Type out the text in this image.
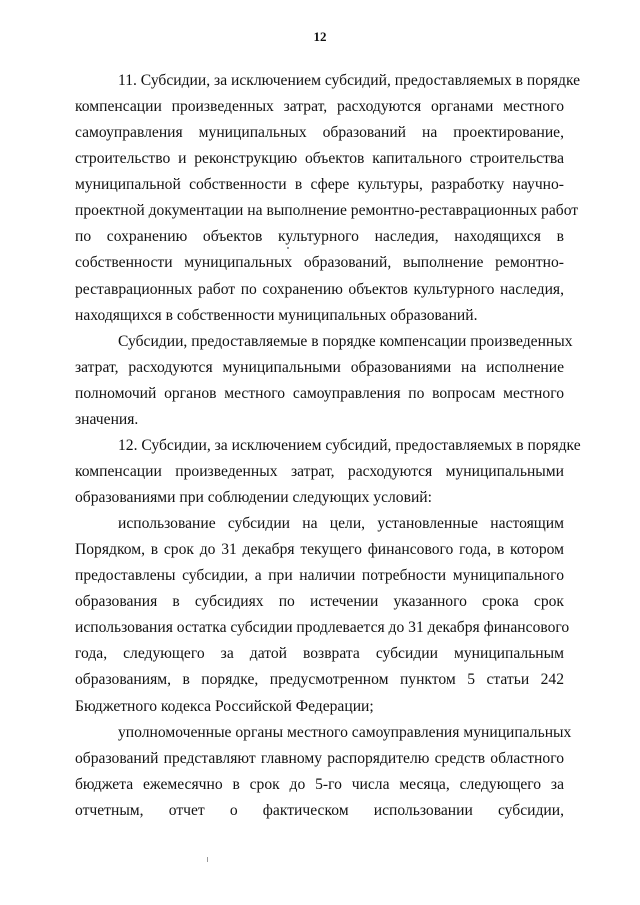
12
11. Субсидии, за исключением субсидий, предоставляемых в порядке
компенсации произведенных затрат, расходуются органами местного
самоуправления муниципальных образований на проектирование,
строительство и реконструкцию объектов капитального строительства
муниципальной собственности в сфере культуры, разработку научно-
проектной документации на выполнение ремонтно-реставрационных работ
по сохранению объектов культурного наследия, находящихся в
собственности муниципальных образований, выполнение ремонтно-
реставрационных работ по сохранению объектов культурного наследия,
находящихся в собственности муниципальных образований.
Субсидии, предоставляемые в порядке компенсации произведенных
затрат, расходуются муниципальными образованиями на исполнение
полномочий органов местного самоуправления по вопросам местного
значения.
12. Субсидии, за исключением субсидий, предоставляемых в порядке
компенсации произведенных затрат, расходуются муниципальными
образованиями при соблюдении следующих условий:
использование субсидии на цели, установленные настоящим
Порядком, в срок до 31 декабря текущего финансового года, в котором
предоставлены субсидии, а при наличии потребности муниципального
образования в субсидиях по истечении указанного срока срок
использования остатка субсидии продлевается до 31 декабря финансового
года, следующего за датой возврата субсидии муниципальным
образованиям, в порядке, предусмотренном пунктом 5 статьи 242
Бюджетного кодекса Российской Федерации;
уполномоченные органы местного самоуправления муниципальных
образований представляют главному распорядителю средств областного
бюджета ежемесячно в срок до 5-го числа месяца, следующего за
отчетным, отчет о фактическом использовании субсидии,
